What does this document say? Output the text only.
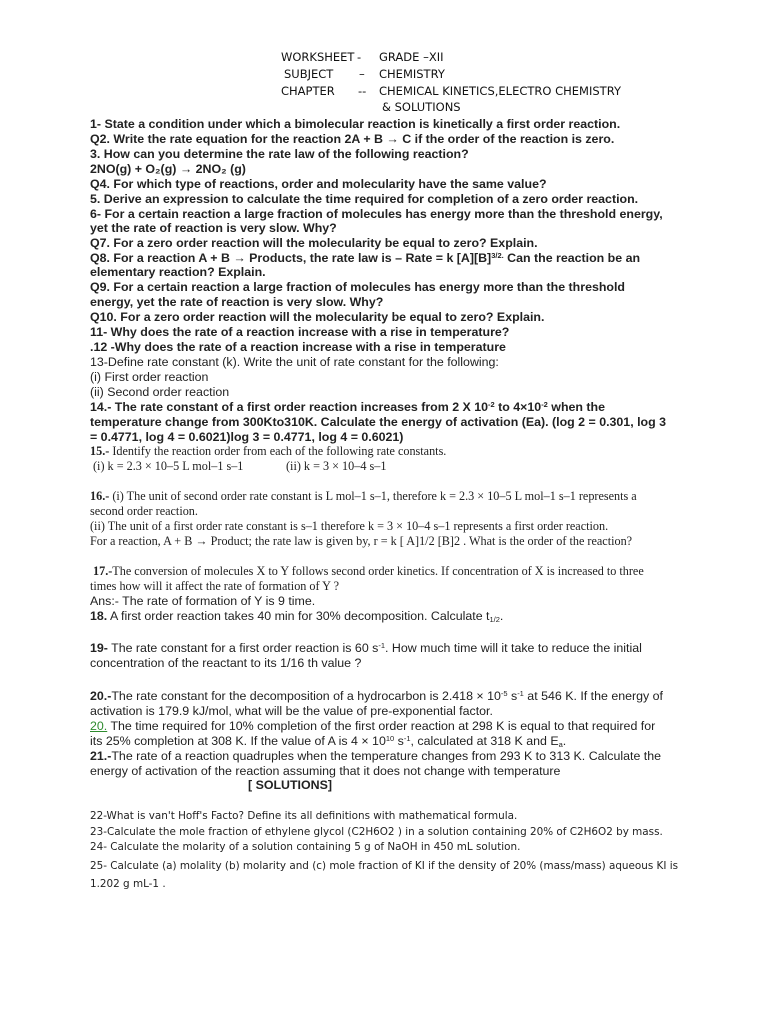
WORKSHEET - GRADE –XII
SUBJECT – CHEMISTRY
CHAPTER -- CHEMICAL KINETICS,ELECTRO CHEMISTRY
& SOLUTIONS
1- State a condition under which a bimolecular reaction is kinetically a first order reaction.
Q2. Write the rate equation for the reaction 2A + B → C if the order of the reaction is zero.
3. How can you determine the rate law of the following reaction?
2NO(g) + O₂(g) → 2NO₂ (g)
Q4. For which type of reactions, order and molecularity have the same value?
5. Derive an expression to calculate the time required for completion of a zero order reaction.
6- For a certain reaction a large fraction of molecules has energy more than the threshold energy,
yet the rate of reaction is very slow. Why?
Q7. For a zero order reaction will the molecularity be equal to zero? Explain.
Q8. For a reaction A + B → Products, the rate law is – Rate = k $[A][B]^{3/2.}$ Can the reaction be an
elementary reaction? Explain.
Q9. For a certain reaction a large fraction of molecules has energy more than the threshold
energy, yet the rate of reaction is very slow. Why?
Q10. For a zero order reaction will the molecularity be equal to zero? Explain.
11- Why does the rate of a reaction increase with a rise in temperature?
.12 -Why does the rate of a reaction increase with a rise in temperature
13-Define rate constant (k). Write the unit of rate constant for the following:
(i) First order reaction
(ii) Second order reaction
14.- The rate constant of a first order reaction increases from 2 X $10^{-2}$ to $4\times 10^{-2}$ when the
temperature change from 300Kto310K. Calculate the energy of activation (Ea). (log 2 = 0.301, log 3
= 0.4771, log 4 = 0.6021)log 3 = 0.4771, log 4 = 0.6021)
15.- Identify the reaction order from each of the following rate constants.
(i) k = 2.3 × 10–5 L mol–1 s–1	(ii) k = 3 × 10–4 s–1
16.- (i) The unit of second order rate constant is L mol–1 s–1, therefore k = 2.3 × 10–5 L mol–1 s–1 represents a
second order reaction.
(ii) The unit of a first order rate constant is s–1 therefore k = 3 × 10–4 s–1 represents a first order reaction.
For a reaction, A + B → Product; the rate law is given by, r = k [ A]1/2 [B]2 . What is the order of the reaction?
17.-The conversion of molecules X to Y follows second order kinetics. If concentration of X is increased to three
times how will it affect the rate of formation of Y ?
Ans:- The rate of formation of Y is 9 time.
18. A first order reaction takes 40 min for 30% decomposition. Calculate $t_{1/2}$.
19- The rate constant for a first order reaction is 60 $s^{-1}$. How much time will it take to reduce the initial
concentration of the reactant to its 1/16 th value ?
20.-The rate constant for the decomposition of a hydrocarbon is $2.418 \times 10^{-5}$ $s^{-1}$ at 546 K. If the energy of
activation is 179.9 kJ/mol, what will be the value of pre-exponential factor.
20. The time required for 10% completion of the first order reaction at 298 K is equal to that required for
its 25% completion at 308 K. If the value of A is $4 \times 10^{10}$ $s^{-1}$, calculated at 318 K and $E_a$.
21.-The rate of a reaction quadruples when the temperature changes from 293 K to 313 K. Calculate the
energy of activation of the reaction assuming that it does not change with temperature
[ SOLUTIONS]
22-What is van't Hoff's Facto? Define its all definitions with mathematical formula.
23-Calculate the mole fraction of ethylene glycol (C2H6O2 ) in a solution containing 20% of C2H6O2 by mass.
24- Calculate the molarity of a solution containing 5 g of NaOH in 450 mL solution.
25- Calculate (a) molality (b) molarity and (c) mole fraction of KI if the density of 20% (mass/mass) aqueous KI is
1.202 g mL-1 .
